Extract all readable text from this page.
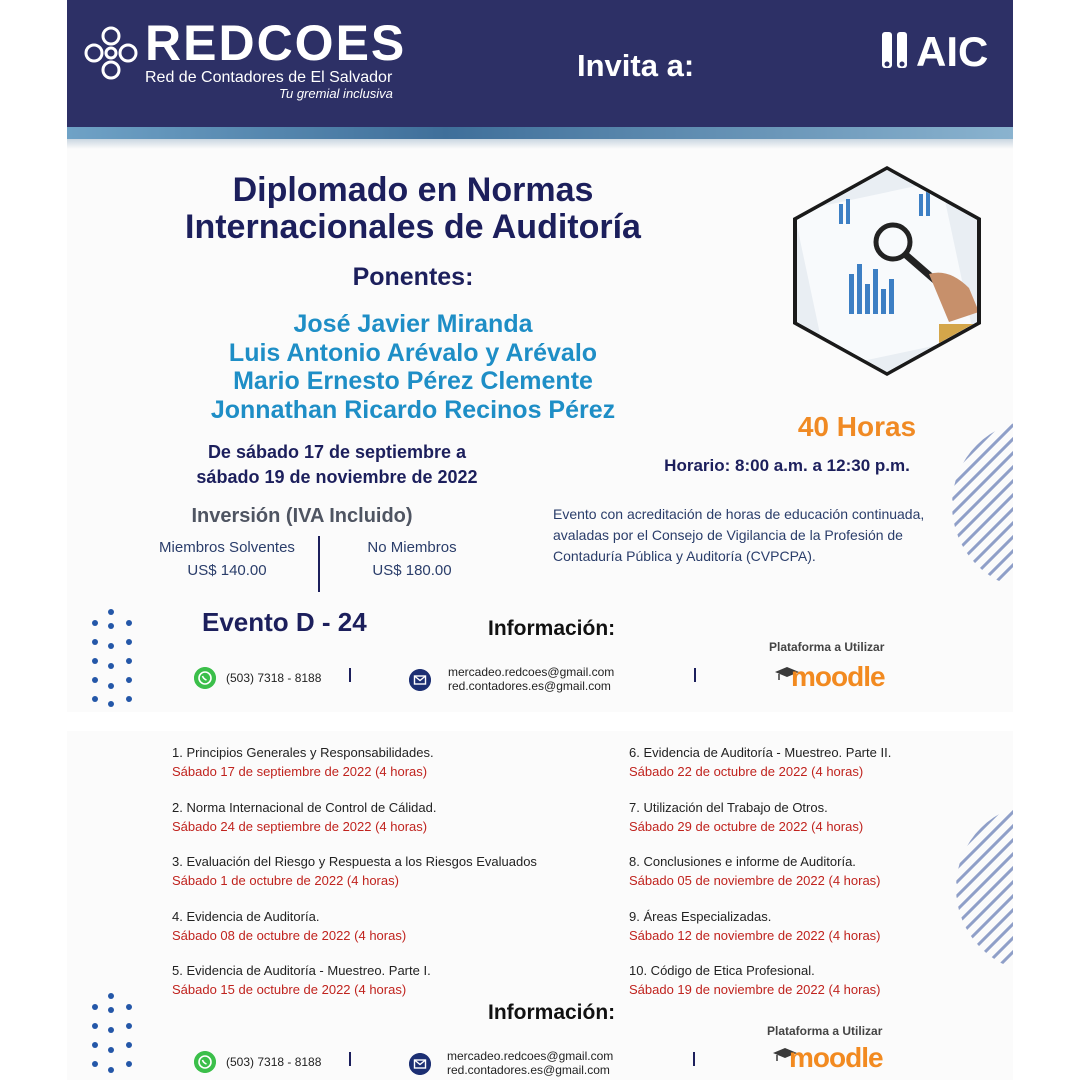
REDCOES
Red de Contadores de El Salvador
Tu gremial inclusiva
Invita a:	AIC
Diplomado en Normas
Internacionales de Auditoría
Ponentes:
José Javier Miranda
Luis Antonio Arévalo y Arévalo
Mario Ernesto Pérez Clemente
Jonnathan Ricardo Recinos Pérez
De sábado 17 de septiembre a
sábado 19 de noviembre de 2022
Inversión (IVA Incluido)
Miembros Solventes
US$ 140.00
No Miembros
US$ 180.00
40 Horas
Horario: 8:00 a.m. a 12:30 p.m.
Evento con acreditación de horas de educación continuada, avaladas por el Consejo de Vigilancia de la Profesión de Contaduría Pública y Auditoría (CVPCPA).
Evento D - 24	Información:
Plataforma a Utilizar
(503) 7318 - 8188	mercadeo.redcoes@gmail.com
red.contadores.es@gmail.com	moodle
1. Principios Generales y Responsabilidades.
Sábado 17 de septiembre de 2022 (4 horas)
2. Norma Internacional de Control de Cálidad.
Sábado 24 de septiembre de 2022 (4 horas)
3. Evaluación del Riesgo y Respuesta a los Riesgos Evaluados
Sábado 1 de octubre de 2022 (4 horas)
4. Evidencia de Auditoría.
Sábado 08 de octubre de 2022 (4 horas)
5. Evidencia de Auditoría - Muestreo. Parte I.
Sábado 15 de octubre de 2022 (4 horas)
6. Evidencia de Auditoría - Muestreo. Parte II.
Sábado 22 de octubre de 2022 (4 horas)
7. Utilización del Trabajo de Otros.
Sábado 29 de octubre de 2022 (4 horas)
8. Conclusiones e informe de Auditoría.
Sábado 05 de noviembre de 2022 (4 horas)
9. Áreas Especializadas.
Sábado 12 de noviembre de 2022 (4 horas)
10. Código de Etica Profesional.
Sábado 19 de noviembre de 2022 (4 horas)
Información:
Plataforma a Utilizar
(503) 7318 - 8188	mercadeo.redcoes@gmail.com
red.contadores.es@gmail.com	moodle
